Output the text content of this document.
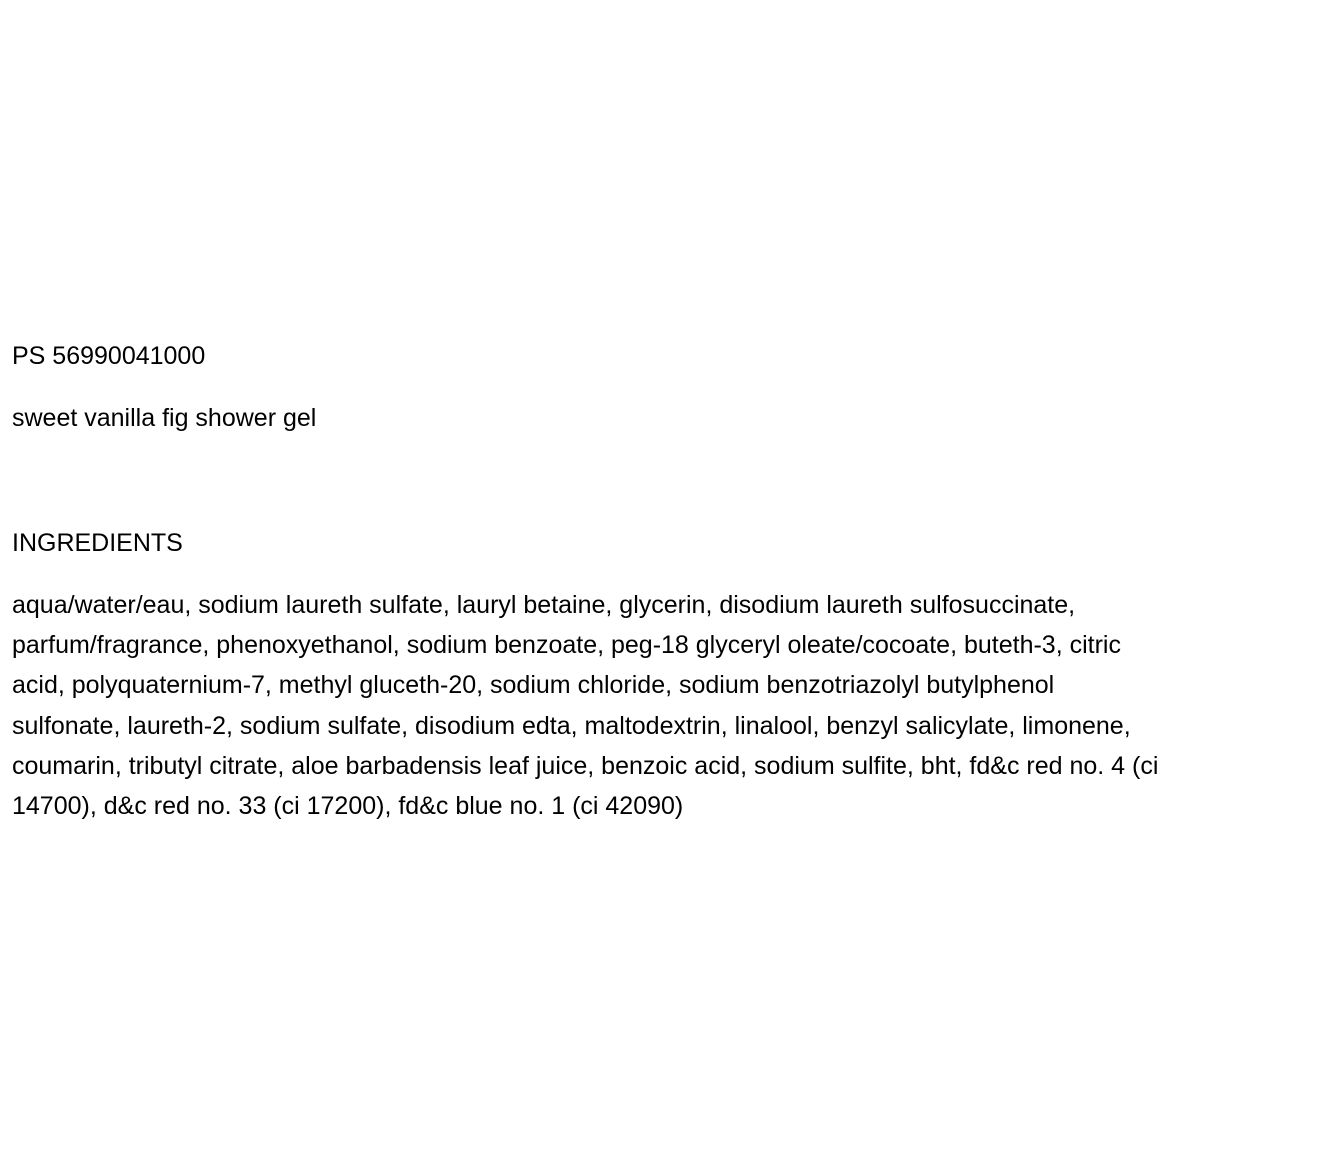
PS 56990041000

sweet vanilla fig shower gel

INGREDIENTS

aqua/water/eau, sodium laureth sulfate, lauryl betaine, glycerin, disodium laureth sulfosuccinate,
parfum/fragrance, phenoxyethanol, sodium benzoate, peg-18 glyceryl oleate/cocoate, buteth-3, citric
acid, polyquaternium-7, methyl gluceth-20, sodium chloride, sodium benzotriazolyl butylphenol
sulfonate, laureth-2, sodium sulfate, disodium edta, maltodextrin, linalool, benzyl salicylate, limonene,
coumarin, tributyl citrate, aloe barbadensis leaf juice, benzoic acid, sodium sulfite, bht, fd&c red no. 4 (ci
14700), d&c red no. 33 (ci 17200), fd&c blue no. 1 (ci 42090)
